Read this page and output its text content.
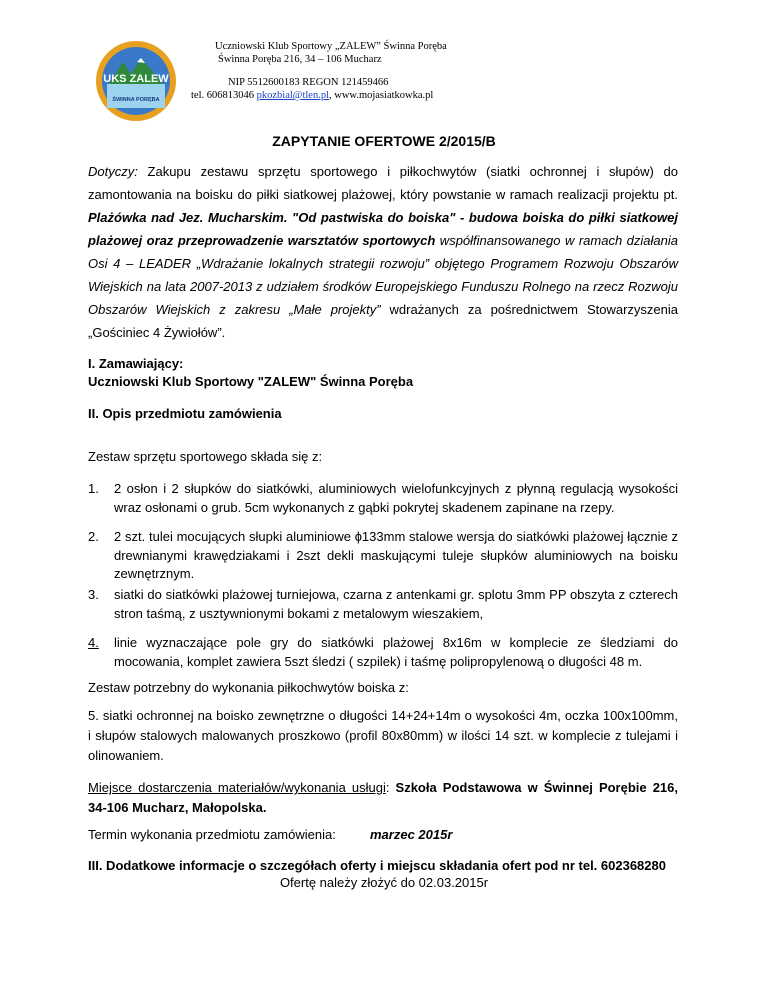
UKS ZALEW
ŚWINNA PORĘBA
Uczniowski Klub Sportowy „ZALEW” Świnna Poręba
Świnna Poręba 216, 34 – 106 Mucharz
NIP 5512600183 REGON 121459466
tel. 606813046 pkozbial@tlen.pl, www.mojasiatkowka.pl
ZAPYTANIE OFERTOWE 2/2015/B
Dotyczy: Zakupu zestawu sprzętu sportowego i piłkochwytów (siatki ochronnej i słupów) do zamontowania na boisku do piłki siatkowej plażowej, który powstanie w ramach realizacji projektu pt. Plażówka nad Jez. Mucharskim. "Od pastwiska do boiska" - budowa boiska do piłki siatkowej plażowej oraz przeprowadzenie warsztatów sportowych współfinansowanego w ramach działania Osi 4 – LEADER „Wdrażanie lokalnych strategii rozwoju” objętego Programem Rozwoju Obszarów Wiejskich na lata 2007-2013 z udziałem środków Europejskiego Funduszu Rolnego na rzecz Rozwoju Obszarów Wiejskich z zakresu „Małe projekty” wdrażanych za pośrednictwem Stowarzyszenia „Gościniec 4 Żywiołów”.
I. Zamawiający:
Uczniowski Klub Sportowy "ZALEW" Świnna Poręba
II. Opis przedmiotu zamówienia
Zestaw sprzętu sportowego składa się z:
1. 2 osłon i 2 słupków do siatkówki, aluminiowych wielofunkcyjnych z płynną regulacją wysokości wraz osłonami o grub. 5cm wykonanych z gąbki pokrytej skadenem zapinane na rzepy.
2. 2 szt. tulei mocujących słupki aluminiowe ɸ133mm stalowe wersja do siatkówki plażowej łącznie z drewnianymi krawędziakami i 2szt dekli maskującymi tuleje słupków aluminiowych na boisku zewnętrznym.
3. siatki do siatkówki plażowej turniejowa, czarna z antenkami gr. splotu 3mm PP obszyta z czterech stron taśmą, z usztywnionymi bokami z metalowym wieszakiem,
4.	linie wyznaczające pole gry do siatkówki plażowej 8x16m w komplecie ze śledziami do mocowania, komplet zawiera 5szt śledzi ( szpilek) i taśmę polipropylenową o długości 48 m.
Zestaw potrzebny do wykonania piłkochwytów boiska z:
5. siatki ochronnej na boisko zewnętrzne o długości 14+24+14m o wysokości 4m, oczka 100x100mm, i słupów stalowych malowanych proszkowo (profil 80x80mm) w ilości 14 szt. w komplecie z tulejami i olinowaniem.
Miejsce dostarczenia materiałów/wykonania usługi: Szkoła Podstawowa w Świnnej Porębie 216, 34-106 Mucharz, Małopolska.
Termin wykonania przedmiotu zamówienia:	marzec 2015r
III. Dodatkowe informacje o szczegółach oferty i miejscu składania ofert pod nr tel. 602368280
Ofertę należy złożyć do 02.03.2015r
